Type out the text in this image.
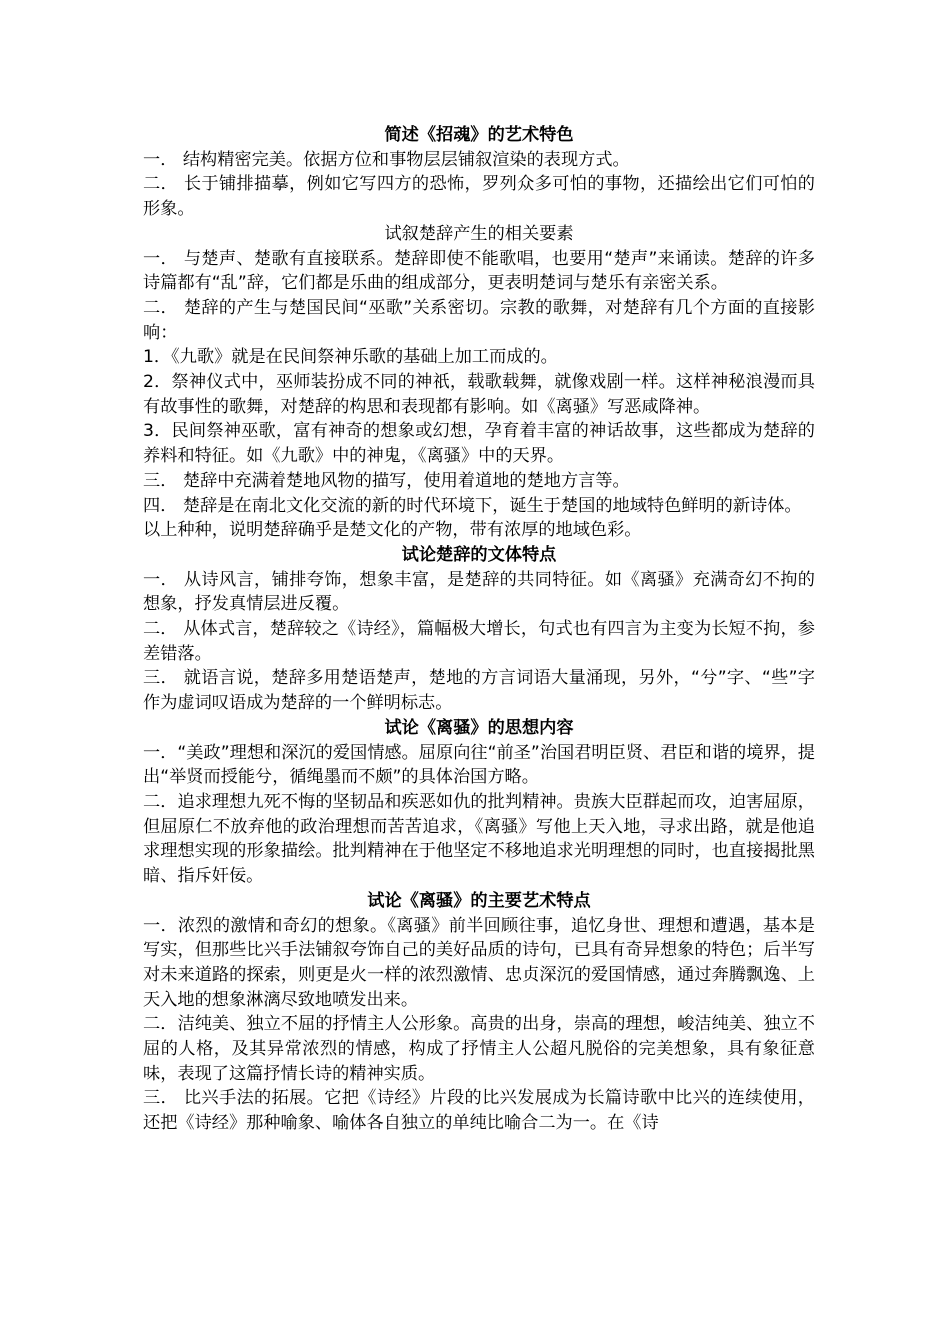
简述《招魂》的艺术特色

一． 结构精密完美。依据方位和事物层层铺叙渲染的表现方式。

二． 长于铺排描摹，例如它写四方的恐怖，罗列众多可怕的事物，还描绘出它们可怕的形象。

试叙楚辞产生的相关要素

一． 与楚声、楚歌有直接联系。楚辞即使不能歌唱，也要用“楚声”来诵读。楚辞的许多诗篇都有“乱”辞，它们都是乐曲的组成部分，更表明楚词与楚乐有亲密关系。

二． 楚辞的产生与楚国民间“巫歌”关系密切。宗教的歌舞，对楚辞有几个方面的直接影响：

1．《九歌》就是在民间祭神乐歌的基础上加工而成的。

2．祭神仪式中，巫师装扮成不同的神祇，载歌载舞，就像戏剧一样。这样神秘浪漫而具有故事性的歌舞，对楚辞的构思和表现都有影响。如《离骚》写恶咸降神。

3．民间祭神巫歌，富有神奇的想象或幻想，孕育着丰富的神话故事，这些都成为楚辞的养料和特征。如《九歌》中的神鬼，《离骚》中的天界。

三． 楚辞中充满着楚地风物的描写，使用着道地的楚地方言等。

四． 楚辞是在南北文化交流的新的时代环境下，诞生于楚国的地域特色鲜明的新诗体。

以上种种，说明楚辞确乎是楚文化的产物，带有浓厚的地域色彩。

试论楚辞的文体特点

一． 从诗风言，铺排夸饰，想象丰富，是楚辞的共同特征。如《离骚》充满奇幻不拘的想象，抒发真情层进反覆。

二． 从体式言，楚辞较之《诗经》，篇幅极大增长，句式也有四言为主变为长短不拘，参差错落。

三． 就语言说，楚辞多用楚语楚声，楚地的方言词语大量涌现，另外，“兮”字、“些”字作为虚词叹语成为楚辞的一个鲜明标志。

试论《离骚》的思想内容

一．“美政”理想和深沉的爱国情感。屈原向往“前圣”治国君明臣贤、君臣和谐的境界，提出“举贤而授能兮，循绳墨而不颇”的具体治国方略。

二．追求理想九死不悔的坚韧品和疾恶如仇的批判精神。贵族大臣群起而攻，迫害屈原，但屈原仁不放弃他的政治理想而苦苦追求，《离骚》写他上天入地，寻求出路，就是他追求理想实现的形象描绘。批判精神在于他坚定不移地追求光明理想的同时，也直接揭批黑暗、指斥奸佞。

试论《离骚》的主要艺术特点

一．浓烈的激情和奇幻的想象。《离骚》前半回顾往事，追忆身世、理想和遭遇，基本是写实，但那些比兴手法铺叙夸饰自己的美好品质的诗句，已具有奇异想象的特色；后半写对未来道路的探索，则更是火一样的浓烈激情、忠贞深沉的爱国情感，通过奔腾飘逸、上天入地的想象淋漓尽致地喷发出来。

二．洁纯美、独立不屈的抒情主人公形象。高贵的出身，崇高的理想，峻洁纯美、独立不屈的人格，及其异常浓烈的情感，构成了抒情主人公超凡脱俗的完美想象，具有象征意味，表现了这篇抒情长诗的精神实质。

三． 比兴手法的拓展。它把《诗经》片段的比兴发展成为长篇诗歌中比兴的连续使用，还把《诗经》那种喻象、喻体各自独立的单纯比喻合二为一。在《诗
